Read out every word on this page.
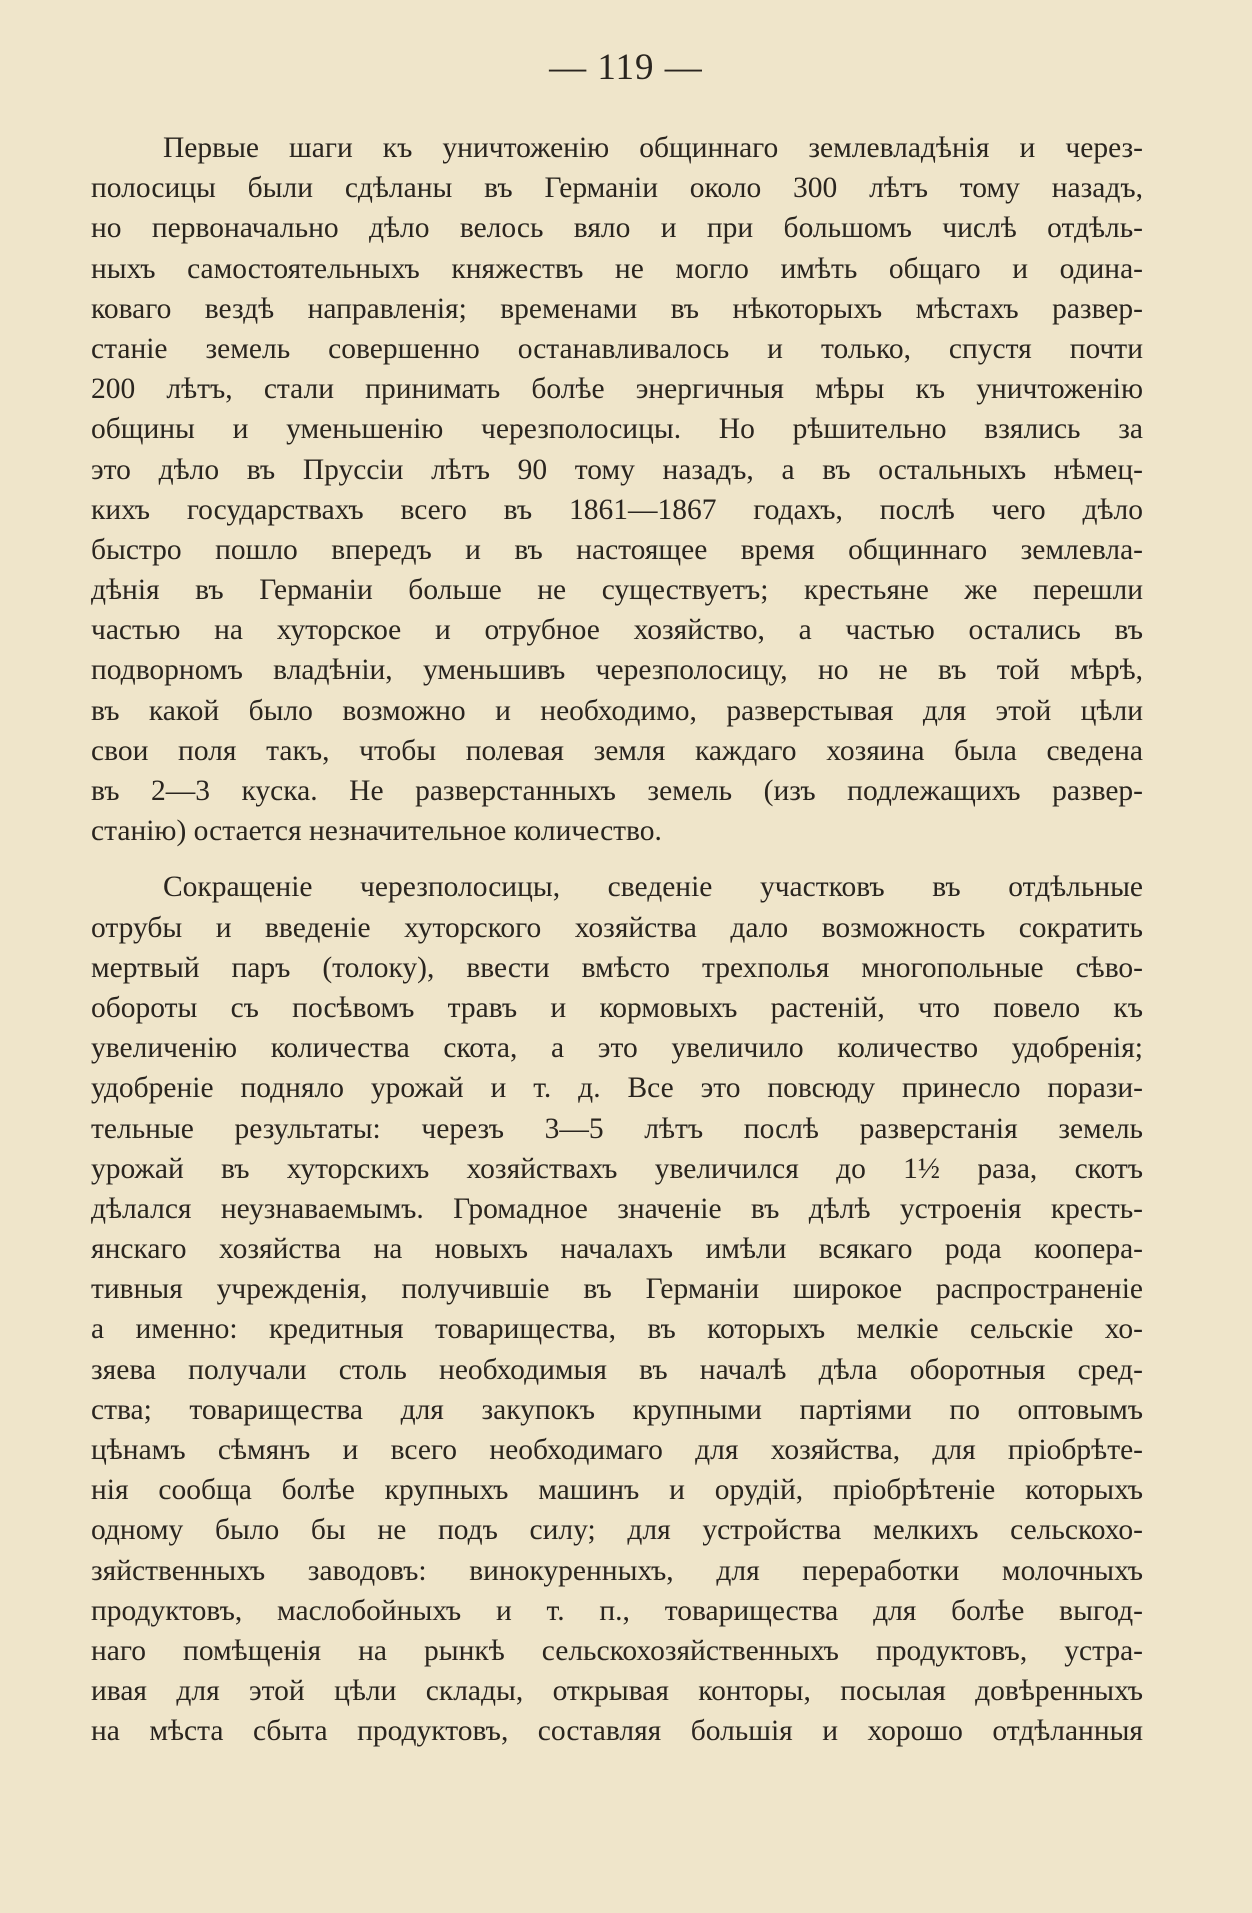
— 119 —
Первые шаги къ уничтоженію общиннаго землевладѣнія и через-
полосицы были сдѣланы въ Германіи около 300 лѣтъ тому назадъ,
но первоначально дѣло велось вяло и при большомъ числѣ отдѣль-
ныхъ самостоятельныхъ княжествъ не могло имѣть общаго и одина-
коваго вездѣ направленія; временами въ нѣкоторыхъ мѣстахъ развер-
станіе земель совершенно останавливалось и только, спустя почти
200 лѣтъ, стали принимать болѣе энергичныя мѣры къ уничтоженію
общины и уменьшенію черезполосицы. Но рѣшительно взялись за
это дѣло въ Пруссіи лѣтъ 90 тому назадъ, а въ остальныхъ нѣмец-
кихъ государствахъ всего въ 1861—1867 годахъ, послѣ чего дѣло
быстро пошло впередъ и въ настоящее время общиннаго землевла-
дѣнія въ Германіи больше не существуетъ; крестьяне же перешли
частью на хуторское и отрубное хозяйство, а частью остались въ
подворномъ владѣніи, уменьшивъ черезполосицу, но не въ той мѣрѣ,
въ какой было возможно и необходимо, разверстывая для этой цѣли
свои поля такъ, чтобы полевая земля каждаго хозяина была сведена
въ 2—3 куска. Не разверстанныхъ земель (изъ подлежащихъ развер-
станію) остается незначительное количество.
Сокращеніе черезполосицы, сведеніе участковъ въ отдѣльные
отрубы и введеніе хуторского хозяйства дало возможность сократить
мертвый паръ (толоку), ввести вмѣсто трехполья многопольные сѣво-
обороты съ посѣвомъ травъ и кормовыхъ растеній, что повело къ
увеличенію количества скота, а это увеличило количество удобренія;
удобреніе подняло урожай и т. д. Все это повсюду принесло порази-
тельные результаты: черезъ 3—5 лѣтъ послѣ разверстанія земель
урожай въ хуторскихъ хозяйствахъ увеличился до 1½ раза, скотъ
дѣлался неузнаваемымъ. Громадное значеніе въ дѣлѣ устроенія кресть-
янскаго хозяйства на новыхъ началахъ имѣли всякаго рода коопера-
тивныя учрежденія, получившіе въ Германіи широкое распространеніе
а именно: кредитныя товарищества, въ которыхъ мелкіе сельскіе хо-
зяева получали столь необходимыя въ началѣ дѣла оборотныя сред-
ства; товарищества для закупокъ крупными партіями по оптовымъ
цѣнамъ сѣмянъ и всего необходимаго для хозяйства, для пріобрѣте-
нія сообща болѣе крупныхъ машинъ и орудій, пріобрѣтеніе которыхъ
одному было бы не подъ силу; для устройства мелкихъ сельскохо-
зяйственныхъ заводовъ: винокуренныхъ, для переработки молочныхъ
продуктовъ, маслобойныхъ и т. п., товарищества для болѣе выгод-
наго помѣщенія на рынкѣ сельскохозяйственныхъ продуктовъ, устра-
ивая для этой цѣли склады, открывая конторы, посылая довѣренныхъ
на мѣста сбыта продуктовъ, составляя большія и хорошо отдѣланныя
